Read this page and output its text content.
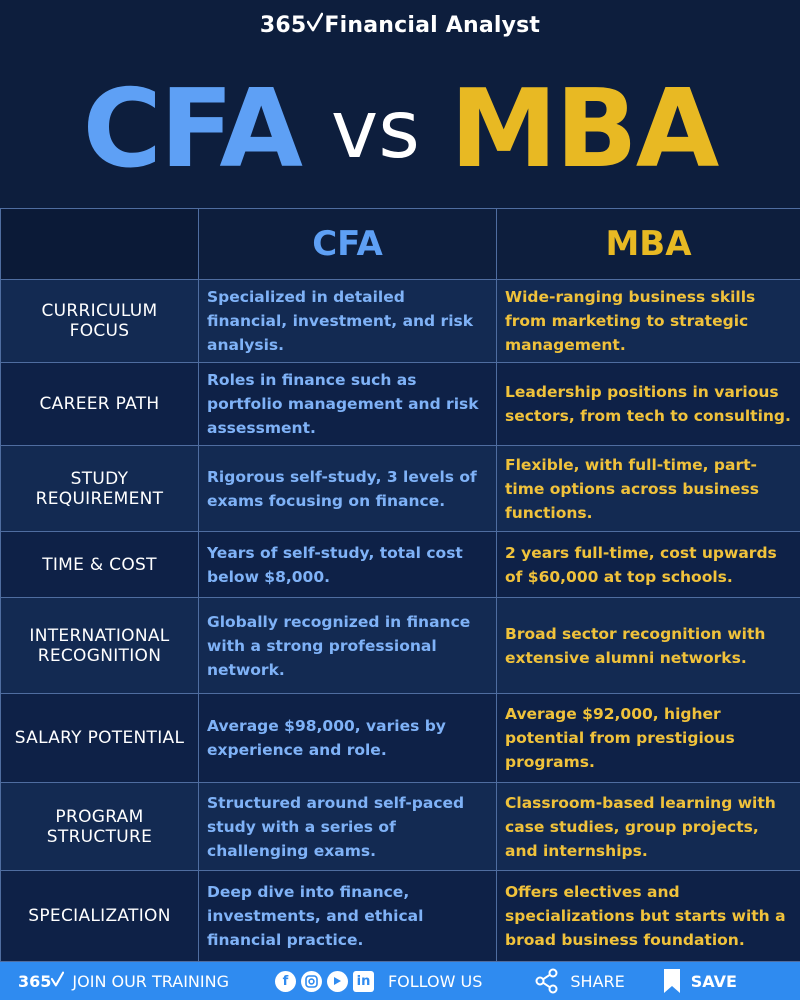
365 Financial Analyst
CFA vs MBA
	CFA	MBA
CURRICULUM FOCUS	Specialized in detailed financial, investment, and risk analysis.	Wide-ranging business skills from marketing to strategic management.
CAREER PATH	Roles in finance such as portfolio management and risk assessment.	Leadership positions in various sectors, from tech to consulting.
STUDY REQUIREMENT	Rigorous self-study, 3 levels of exams focusing on finance.	Flexible, with full-time, part-time options across business functions.
TIME & COST	Years of self-study, total cost below $8,000.	2 years full-time, cost upwards of $60,000 at top schools.
INTERNATIONAL RECOGNITION	Globally recognized in finance with a strong professional network.	Broad sector recognition with extensive alumni networks.
SALARY POTENTIAL	Average $98,000, varies by experience and role.	Average $92,000, higher potential from prestigious programs.
PROGRAM STRUCTURE	Structured around self-paced study with a series of challenging exams.	Classroom-based learning with case studies, group projects, and internships.
SPECIALIZATION	Deep dive into finance, investments, and ethical financial practice.	Offers electives and specializations but starts with a broad business foundation.
365	JOIN OUR TRAINING	f	in FOLLOW US	SHARE	SAVE
